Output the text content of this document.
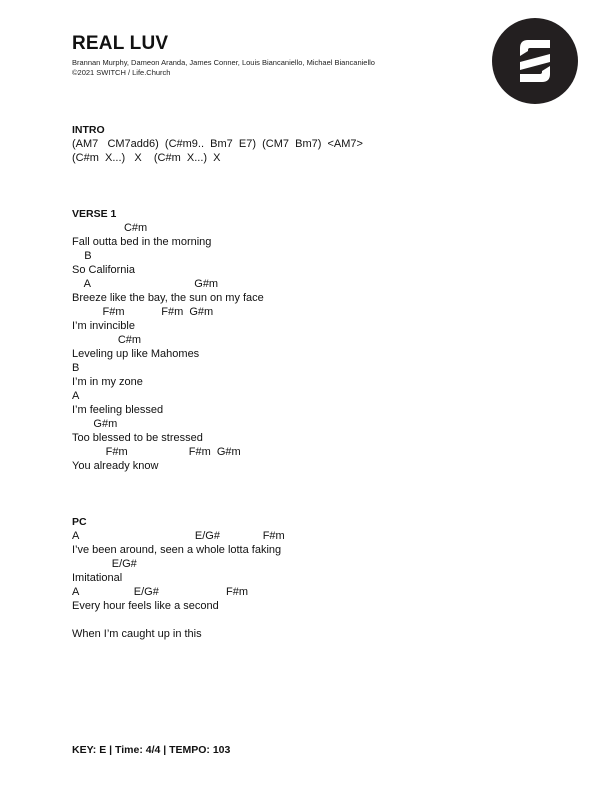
REAL LUV
Brannan Murphy, Dameon Aranda, James Conner, Louis Biancaniello, Michael Biancaniello
©2021 SWITCH / Life.Church
INTRO
(AM7   CM7add6)  (C#m9..  Bm7  E7)  (CM7  Bm7)  <AM7>
(C#m  X...)   X    (C#m  X...)  X
VERSE 1
C#m
Fall outta bed in the morning
B
So California
A                                  G#m
Breeze like the bay, the sun on my face
F#m            F#m  G#m
I’m invincible
C#m
Leveling up like Mahomes
B
I’m in my zone
A
I’m feeling blessed
G#m
Too blessed to be stressed
F#m                    F#m  G#m
You already know
PC
A                                      E/G#              F#m
I’ve been around, seen a whole lotta faking
E/G#
Imitational
A                  E/G#                      F#m
Every hour feels like a second
When I’m caught up in this
KEY: E | Time: 4/4 | TEMPO: 103
